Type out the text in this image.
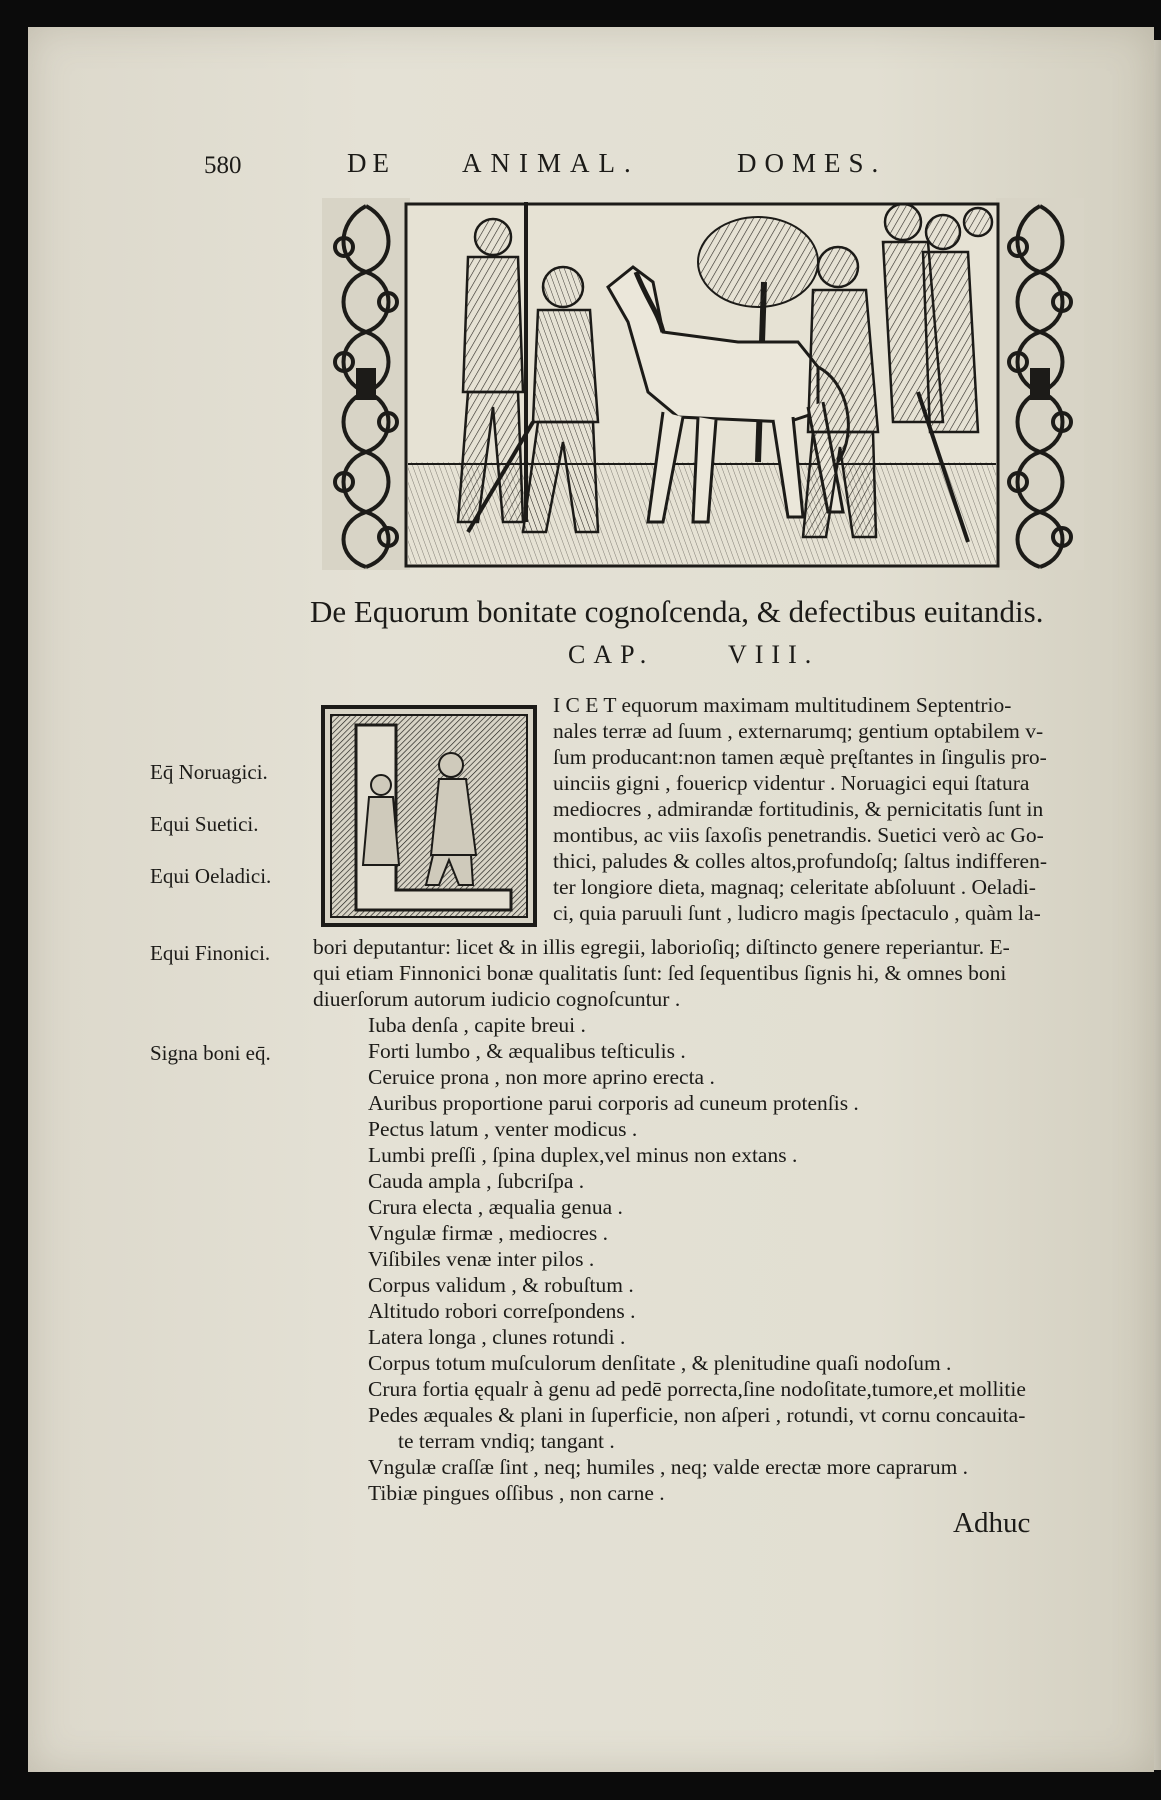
580	DE ANIMAL.	DOMES.
De Equorum bonitate cognoſcenda, & defectibus euitandis.
CAP.	VIII.
Eq̄ Noruagici.
Equi Suetici.
Equi Oeladici.
Equi Finonici.
Signa boni eq̄.
I C E T equorum maximam multitudinem Septentrio-
nales terræ ad ſuum , externarumq; gentium optabilem v-
ſum producant:non tamen æquè pręſtantes in ſingulis pro-
uinciis gigni , fouericp videntur . Noruagici equi ſtatura
mediocres , admirandæ fortitudinis, & pernicitatis ſunt in
montibus, ac viis ſaxoſis penetrandis. Suetici verò ac Go-
thici, paludes & colles altos,profundoſq; ſaltus indifferen-
ter longiore dieta, magnaq; celeritate abſoluunt . Oeladi-
ci, quia paruuli ſunt , ludicro magis ſpectaculo , quàm la-
bori deputantur: licet & in illis egregii, laborioſiq; diſtincto genere reperiantur. E-
qui etiam Finnonici bonæ qualitatis ſunt: ſed ſequentibus ſignis hi, & omnes boni
diuerſorum autorum iudicio cognoſcuntur .
Iuba denſa , capite breui .
Forti lumbo , & æqualibus teſticulis .
Ceruice prona , non more aprino erecta .
Auribus proportione parui corporis ad cuneum protenſis .
Pectus latum , venter modicus .
Lumbi preſſi , ſpina duplex,vel minus non extans .
Cauda ampla , ſubcriſpa .
Crura electa , æqualia genua .
Vngulæ firmæ , mediocres .
Viſibiles venæ inter pilos .
Corpus validum , & robuſtum .
Altitudo robori correſpondens .
Latera longa , clunes rotundi .
Corpus totum muſculorum denſitate , & plenitudine quaſi nodoſum .
Crura fortia ęqualr à genu ad pedē porrecta,ſine nodoſitate,tumore,et mollitie
Pedes æquales & plani in ſuperficie, non aſperi , rotundi, vt cornu concauita-
te terram vndiq; tangant .
Vngulæ craſſæ ſint , neq; humiles , neq; valde erectæ more caprarum .
Tibiæ pingues oſſibus , non carne .
Adhuc
